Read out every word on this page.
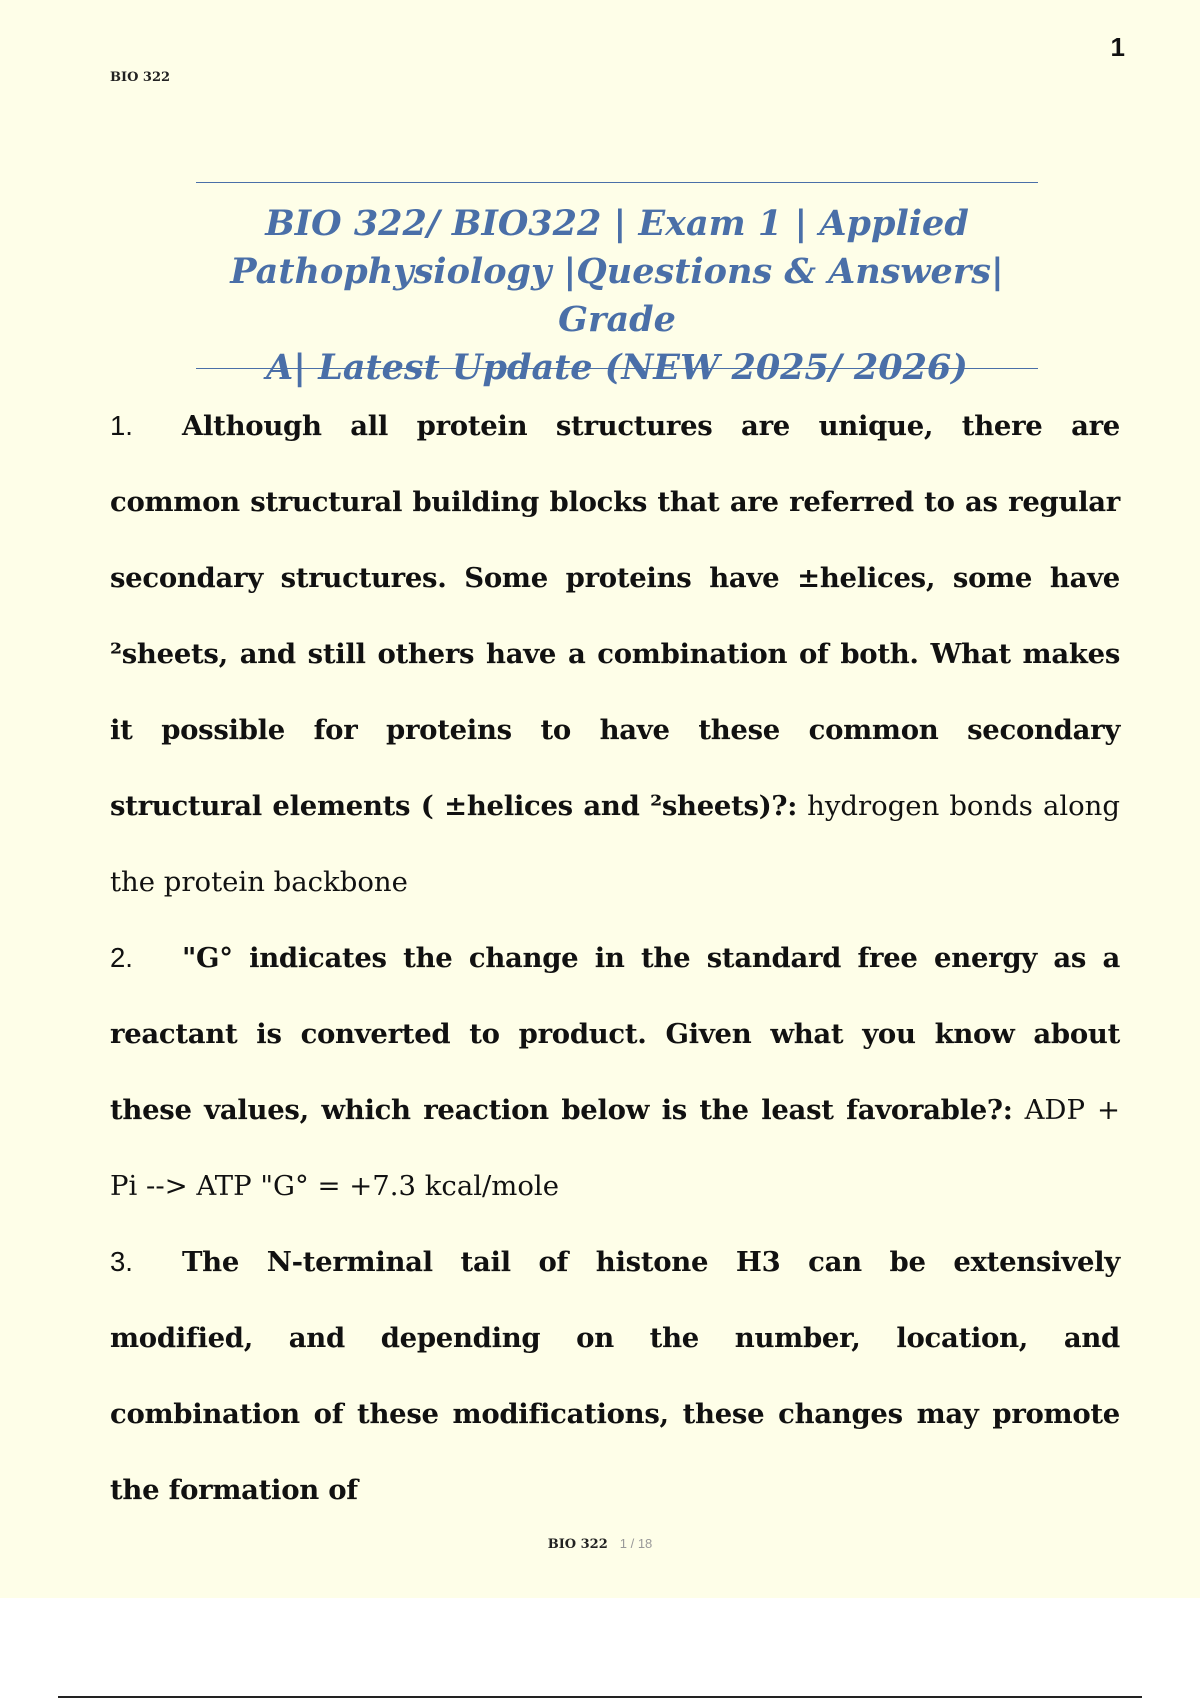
1
BIO 322
BIO 322/ BIO322 | Exam 1 | Applied
Pathophysiology |Questions & Answers| Grade
A| Latest Update (NEW 2025/ 2026)

1. Although all protein structures are unique, there are common structural building blocks that are referred to as regular secondary structures. Some proteins have ±helices, some have ²sheets, and still others have a combination of both. What makes it possible for proteins to have these common secondary structural elements ( ±helices and ²sheets)?: hydrogen bonds along the protein backbone

2. "G° indicates the change in the standard free energy as a reactant is converted to product. Given what you know about these values, which reaction below is the least favorable?: ADP + Pi --> ATP "G° = +7.3 kcal/mole

3. The N-terminal tail of histone H3 can be extensively modified, and depending on the number, location, and combination of these modifications, these changes may promote the formation of

BIO 322 1 / 18
